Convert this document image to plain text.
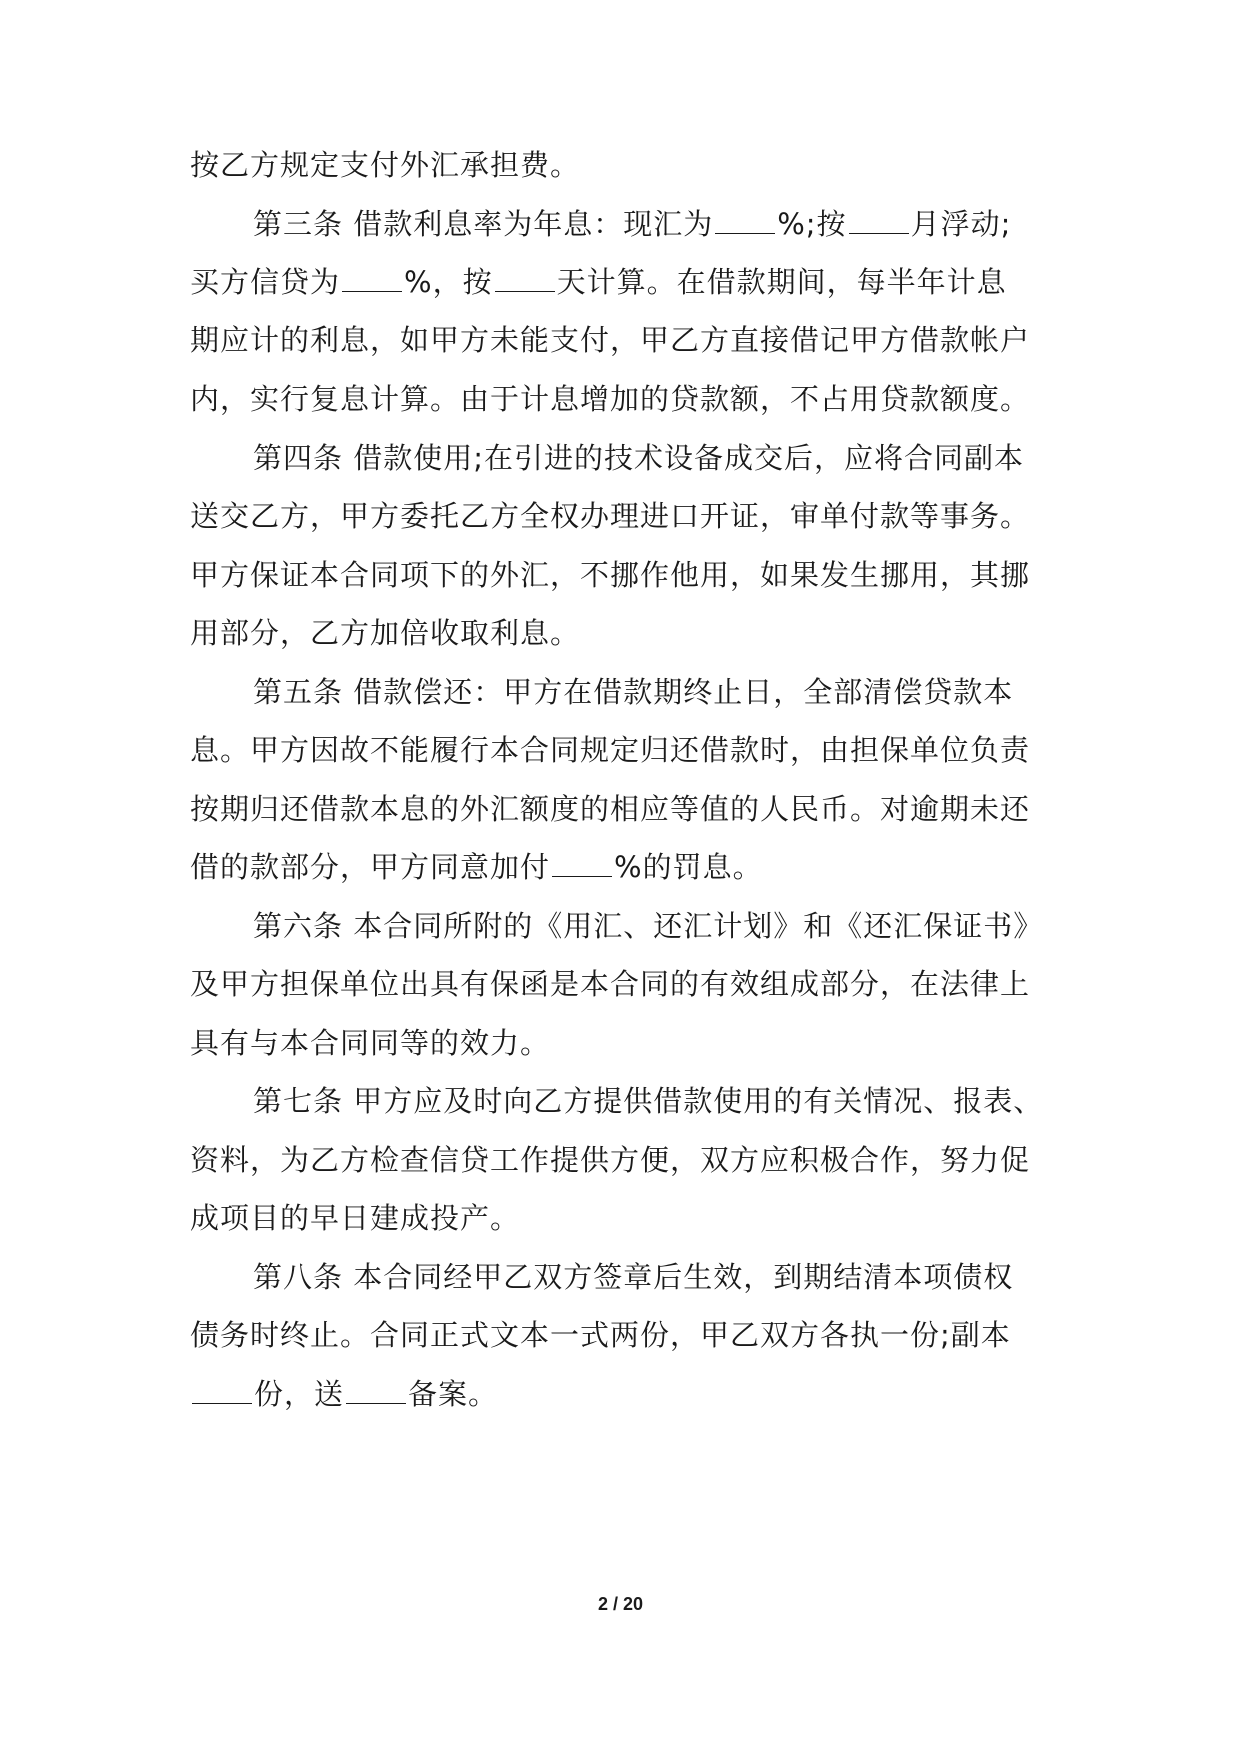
按乙方规定支付外汇承担费。
第三条 借款利息率为年息：现汇为 %;按 月浮动;
买方信贷为 %，按 天计算。在借款期间，每半年计息
期应计的利息，如甲方未能支付，甲乙方直接借记甲方借款帐户
内，实行复息计算。由于计息增加的贷款额，不占用贷款额度。
第四条 借款使用;在引进的技术设备成交后，应将合同副本
送交乙方，甲方委托乙方全权办理进口开证，审单付款等事务。
甲方保证本合同项下的外汇，不挪作他用，如果发生挪用，其挪
用部分，乙方加倍收取利息。
第五条 借款偿还：甲方在借款期终止日，全部清偿贷款本
息。甲方因故不能履行本合同规定归还借款时，由担保单位负责
按期归还借款本息的外汇额度的相应等值的人民币。对逾期未还
借的款部分，甲方同意加付 %的罚息。
第六条 本合同所附的《用汇、还汇计划》和《还汇保证书》
及甲方担保单位出具有保函是本合同的有效组成部分，在法律上
具有与本合同同等的效力。
第七条 甲方应及时向乙方提供借款使用的有关情况、报表、
资料，为乙方检查信贷工作提供方便，双方应积极合作，努力促
成项目的早日建成投产。
第八条 本合同经甲乙双方签章后生效，到期结清本项债权
债务时终止。合同正式文本一式两份，甲乙双方各执一份;副本
份，送 备案。
2 / 20
